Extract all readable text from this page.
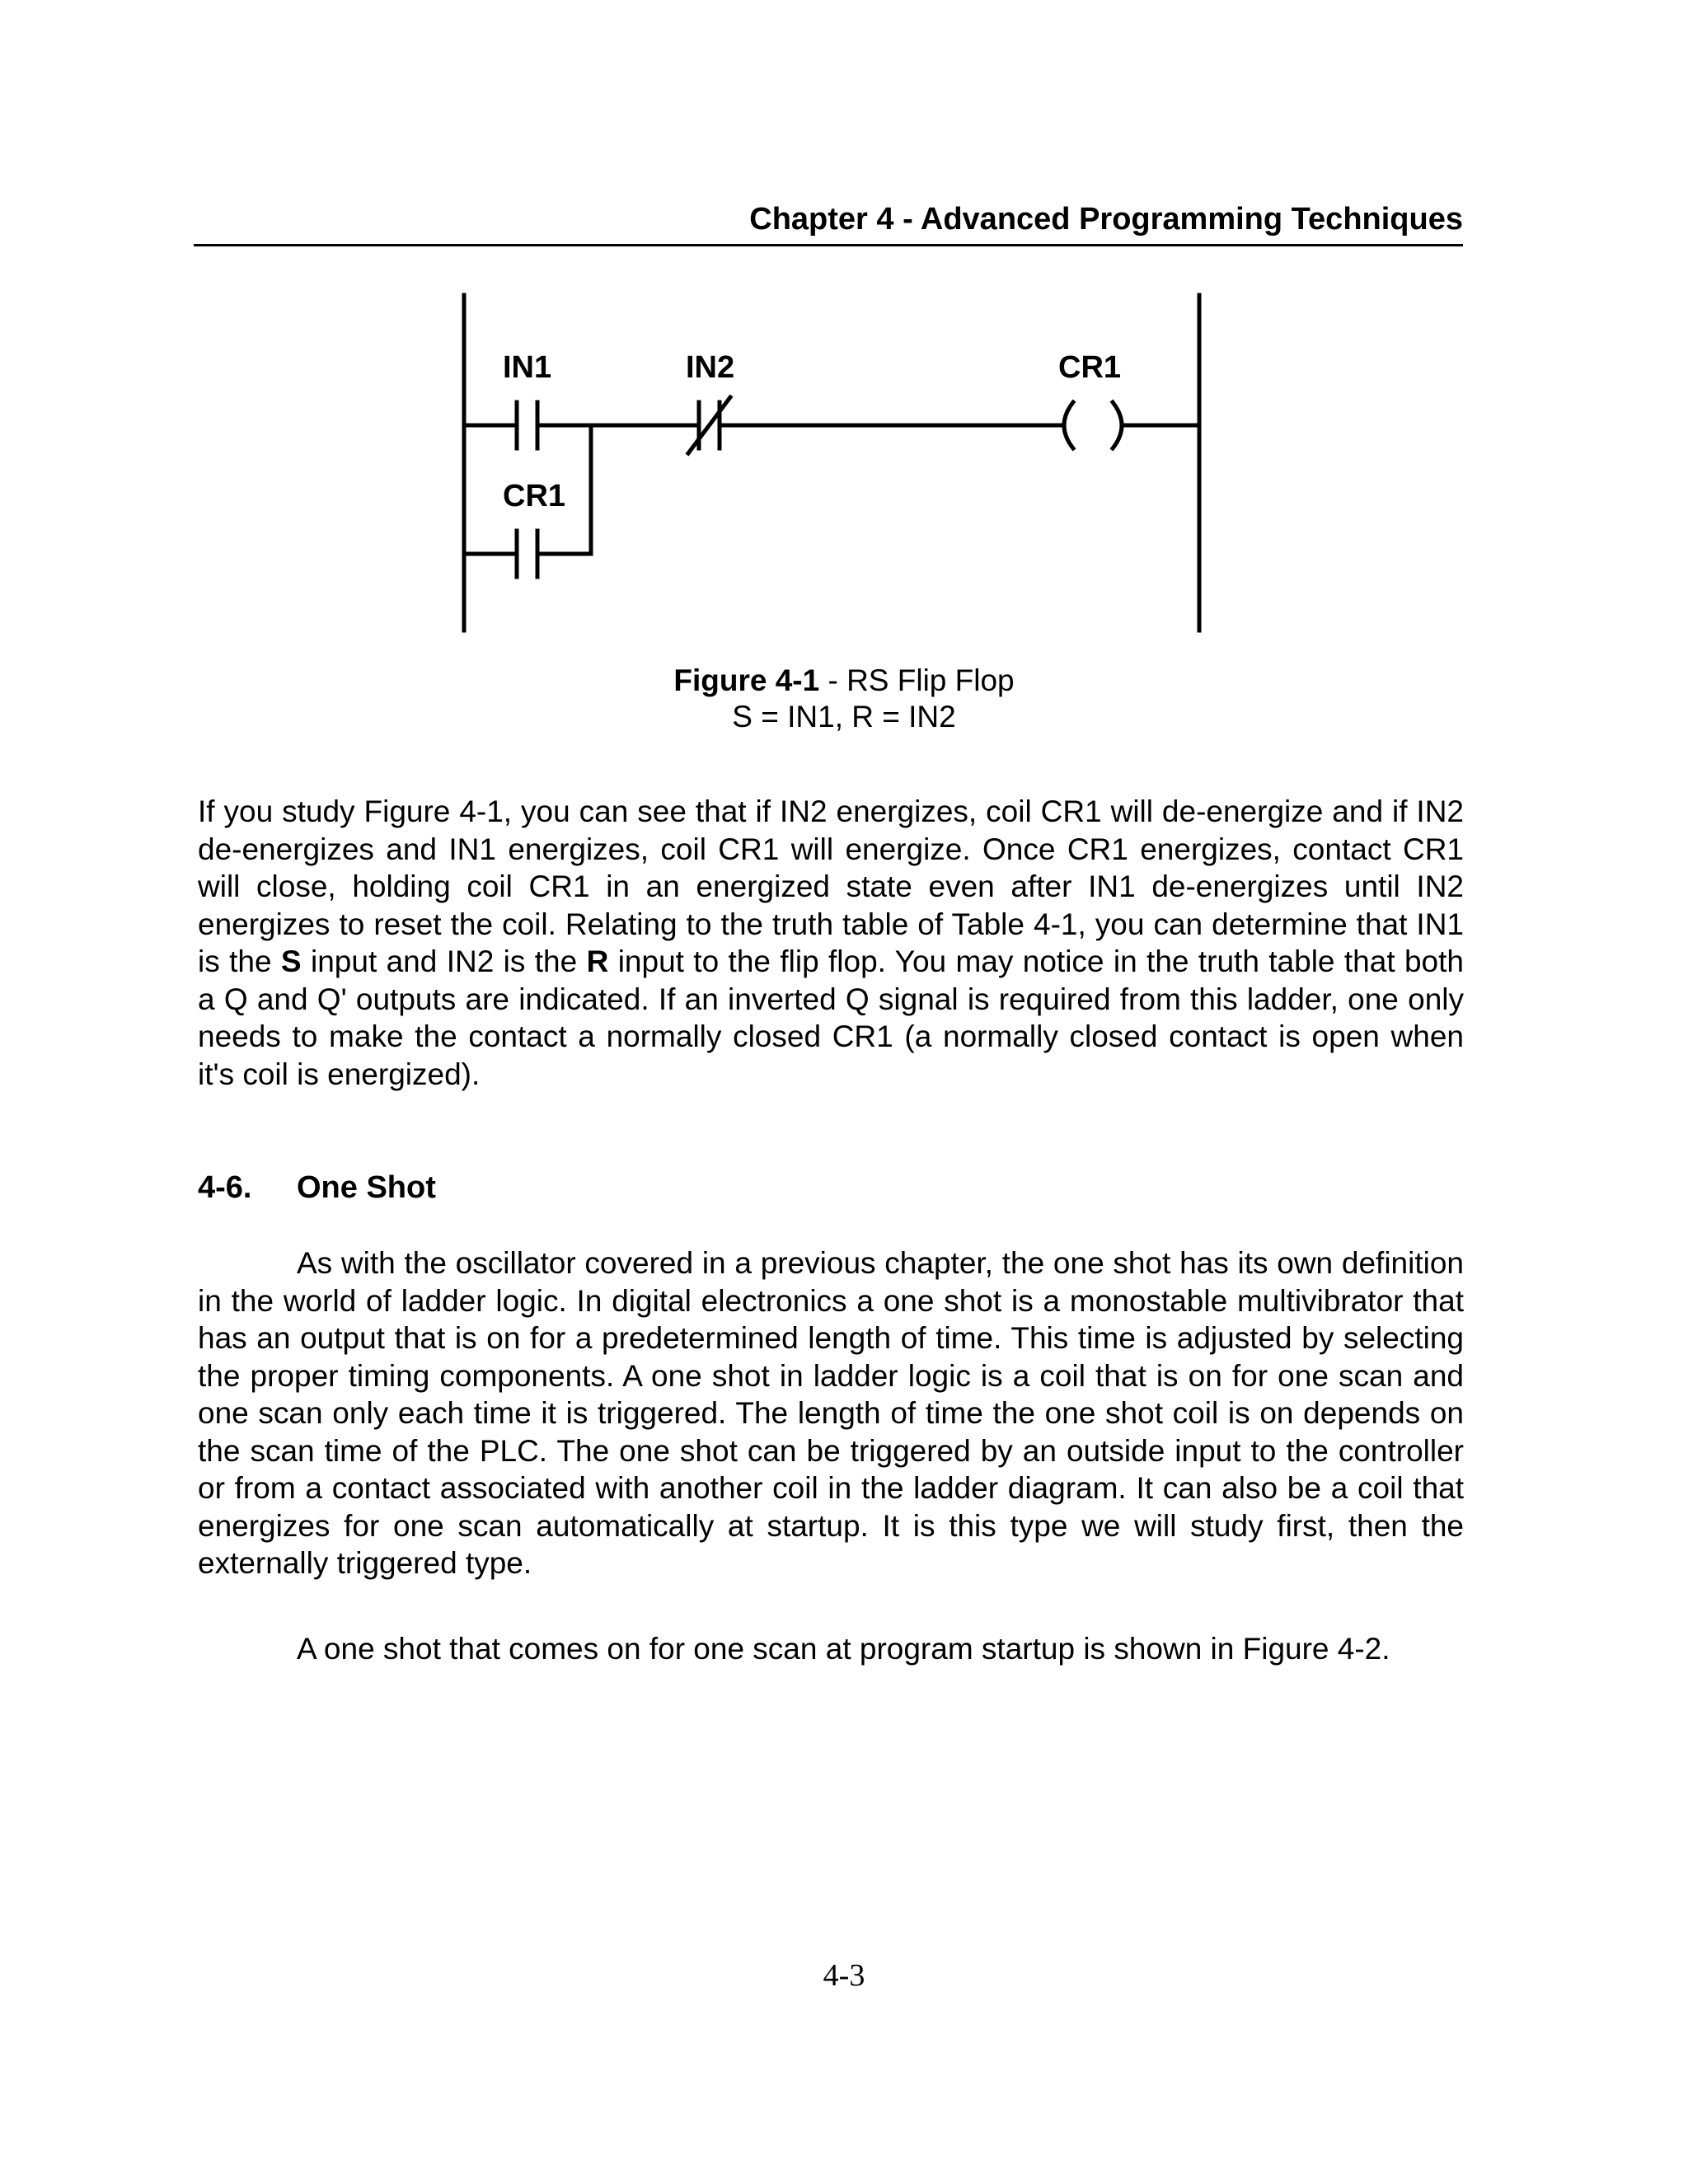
Chapter 4 - Advanced Programming Techniques
IN1	IN2	CR1
CR1
Figure 4-1 - RS Flip Flop
S = IN1, R = IN2

If you study Figure 4-1, you can see that if IN2 energizes, coil CR1 will de-energize and if IN2 de-energizes and IN1 energizes, coil CR1 will energize. Once CR1 energizes, contact CR1 will close, holding coil CR1 in an energized state even after IN1 de-energizes until IN2 energizes to reset the coil. Relating to the truth table of Table 4-1, you can determine that IN1 is the S input and IN2 is the R input to the flip flop. You may notice in the truth table that both a Q and Q' outputs are indicated. If an inverted Q signal is required from this ladder, one only needs to make the contact a normally closed CR1 (a normally closed contact is open when it's coil is energized).

4-6. One Shot

As with the oscillator covered in a previous chapter, the one shot has its own definition in the world of ladder logic. In digital electronics a one shot is a monostable multivibrator that has an output that is on for a predetermined length of time. This time is adjusted by selecting the proper timing components. A one shot in ladder logic is a coil that is on for one scan and one scan only each time it is triggered. The length of time the one shot coil is on depends on the scan time of the PLC. The one shot can be triggered by an outside input to the controller or from a contact associated with another coil in the ladder diagram. It can also be a coil that energizes for one scan automatically at startup. It is this type we will study first, then the externally triggered type.

A one shot that comes on for one scan at program startup is shown in Figure 4-2.

4-3
